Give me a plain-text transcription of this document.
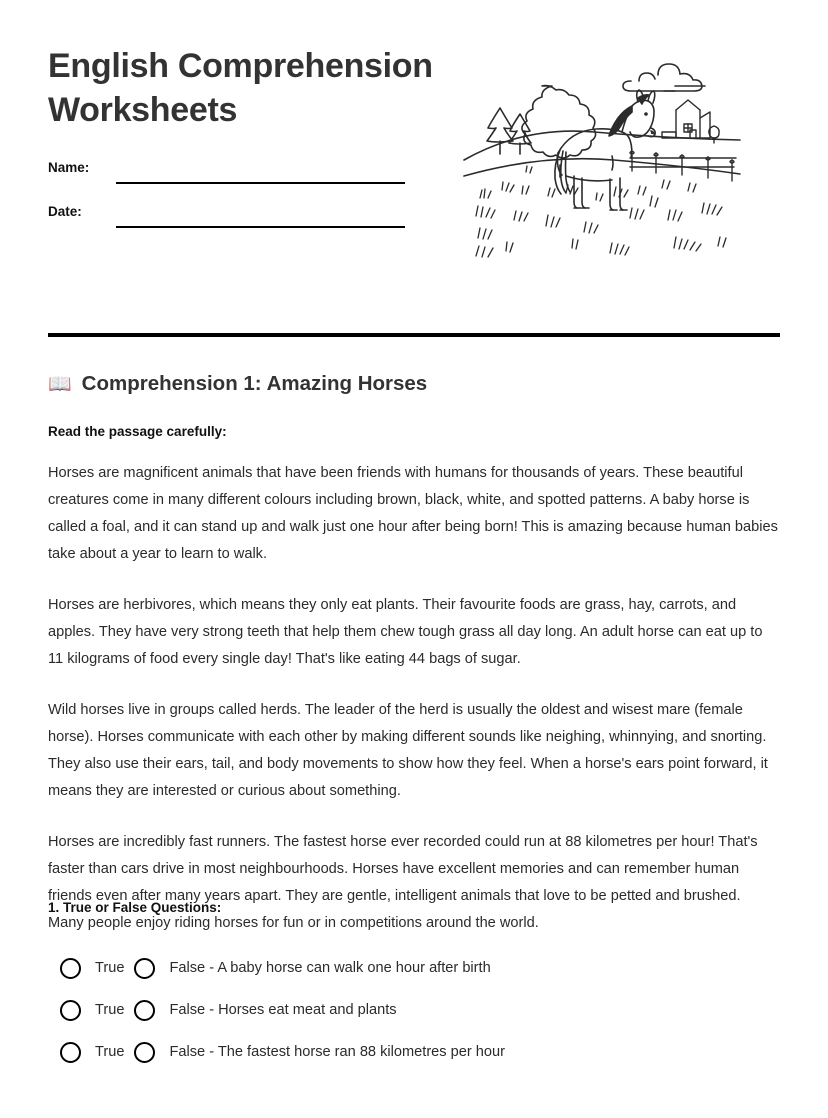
English Comprehension Worksheets
Name:
Date:
📖 Comprehension 1: Amazing Horses
Read the passage carefully:

Horses are magnificent animals that have been friends with humans for thousands of years. These beautiful creatures come in many different colours including brown, black, white, and spotted patterns. A baby horse is called a foal, and it can stand up and walk just one hour after being born! This is amazing because human babies take about a year to learn to walk.

Horses are herbivores, which means they only eat plants. Their favourite foods are grass, hay, carrots, and apples. They have very strong teeth that help them chew tough grass all day long. An adult horse can eat up to 11 kilograms of food every single day! That's like eating 44 bags of sugar.

Wild horses live in groups called herds. The leader of the herd is usually the oldest and wisest mare (female horse). Horses communicate with each other by making different sounds like neighing, whinnying, and snorting. They also use their ears, tail, and body movements to show how they feel. When a horse's ears point forward, it means they are interested or curious about something.

Horses are incredibly fast runners. The fastest horse ever recorded could run at 88 kilometres per hour! That's faster than cars drive in most neighbourhoods. Horses have excellent memories and can remember human friends even after many years apart. They are gentle, intelligent animals that love to be petted and brushed. Many people enjoy riding horses for fun or in competitions around the world.

1. True or False Questions:
True	False - A baby horse can walk one hour after birth
True	False - Horses eat meat and plants
True	False - The fastest horse ran 88 kilometres per hour
